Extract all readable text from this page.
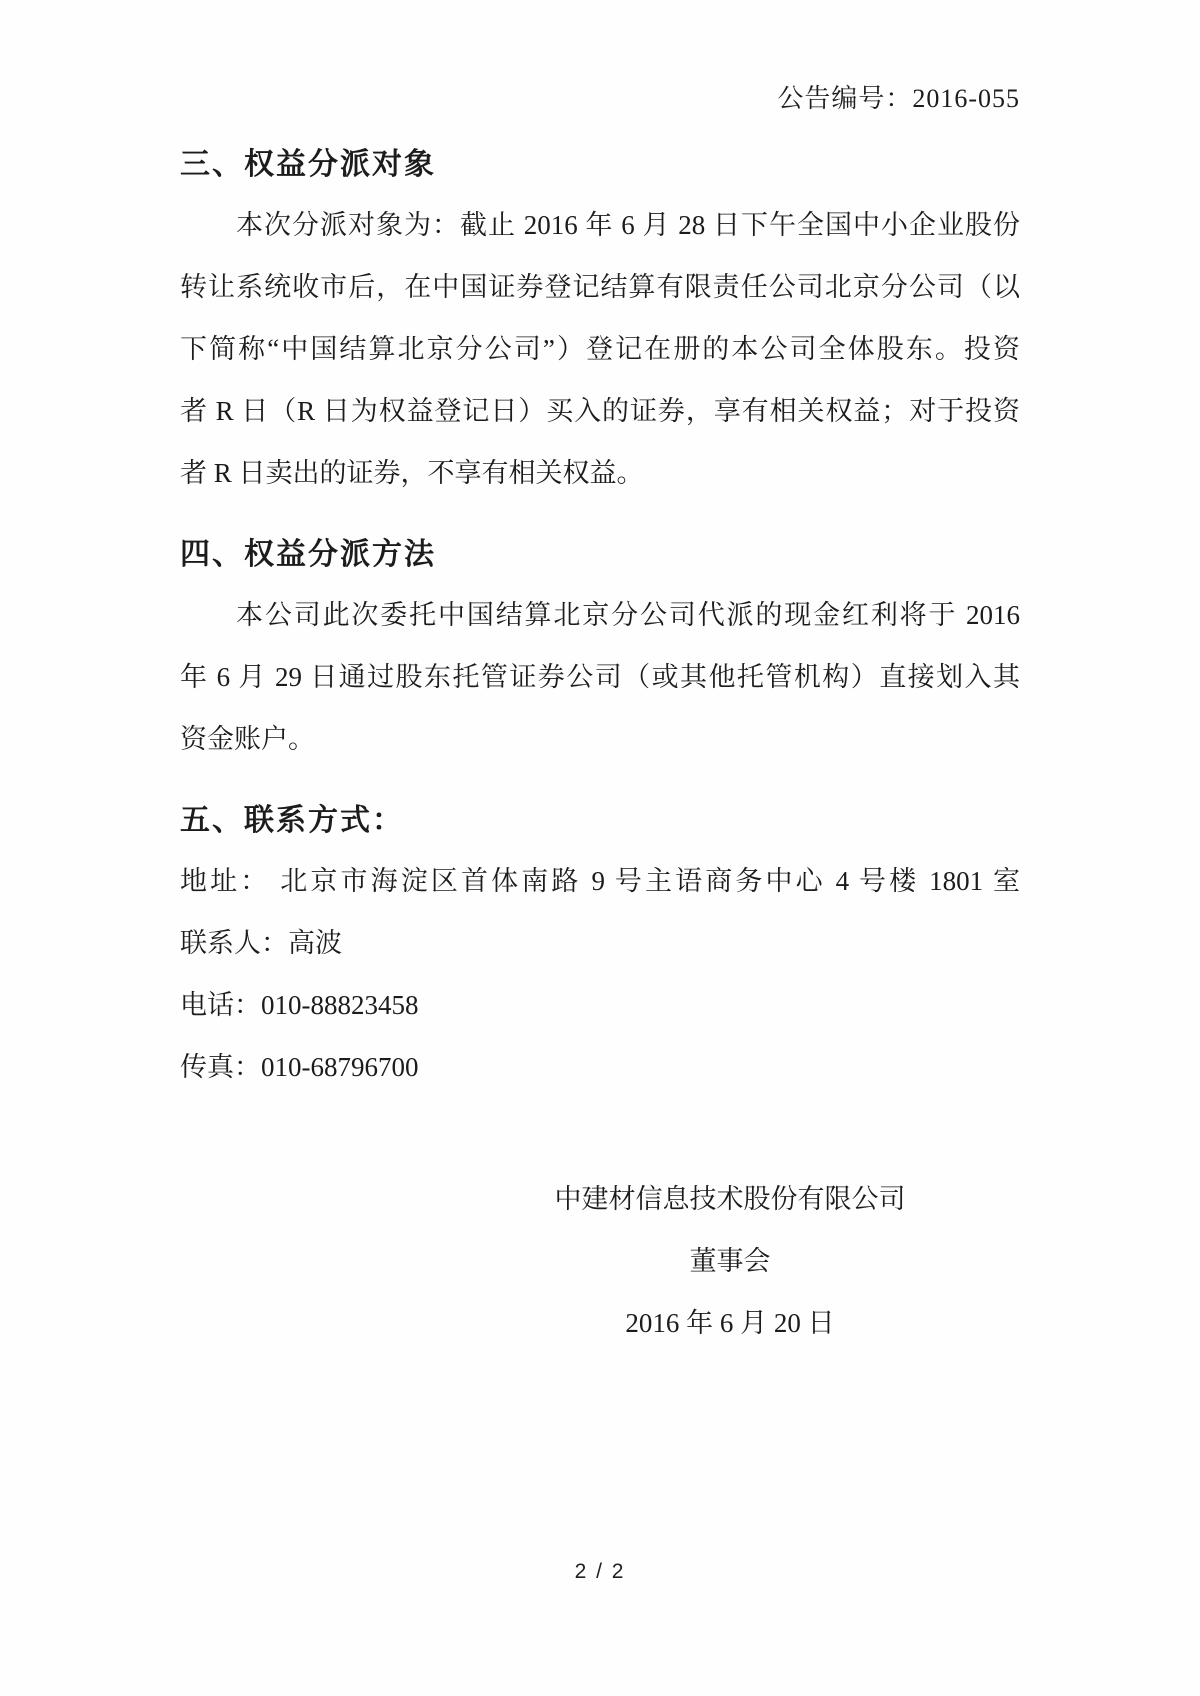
公告编号：2016-055
三、权益分派对象
本次分派对象为：截止 2016 年 6 月 28 日下午全国中小企业股份
转让系统收市后，在中国证券登记结算有限责任公司北京分公司（以
下简称“中国结算北京分公司”）登记在册的本公司全体股东。投资
者 R 日（R 日为权益登记日）买入的证券，享有相关权益；对于投资
者 R 日卖出的证券，不享有相关权益。
四、权益分派方法
本公司此次委托中国结算北京分公司代派的现金红利将于 2016
年 6 月 29 日通过股东托管证券公司（或其他托管机构）直接划入其
资金账户。
五、联系方式：
地址： 北京市海淀区首体南路 9 号主语商务中心 4 号楼 1801 室
联系人：高波
电话：010-88823458
传真：010-68796700
中建材信息技术股份有限公司
董事会
2016 年 6 月 20 日
2 / 2
